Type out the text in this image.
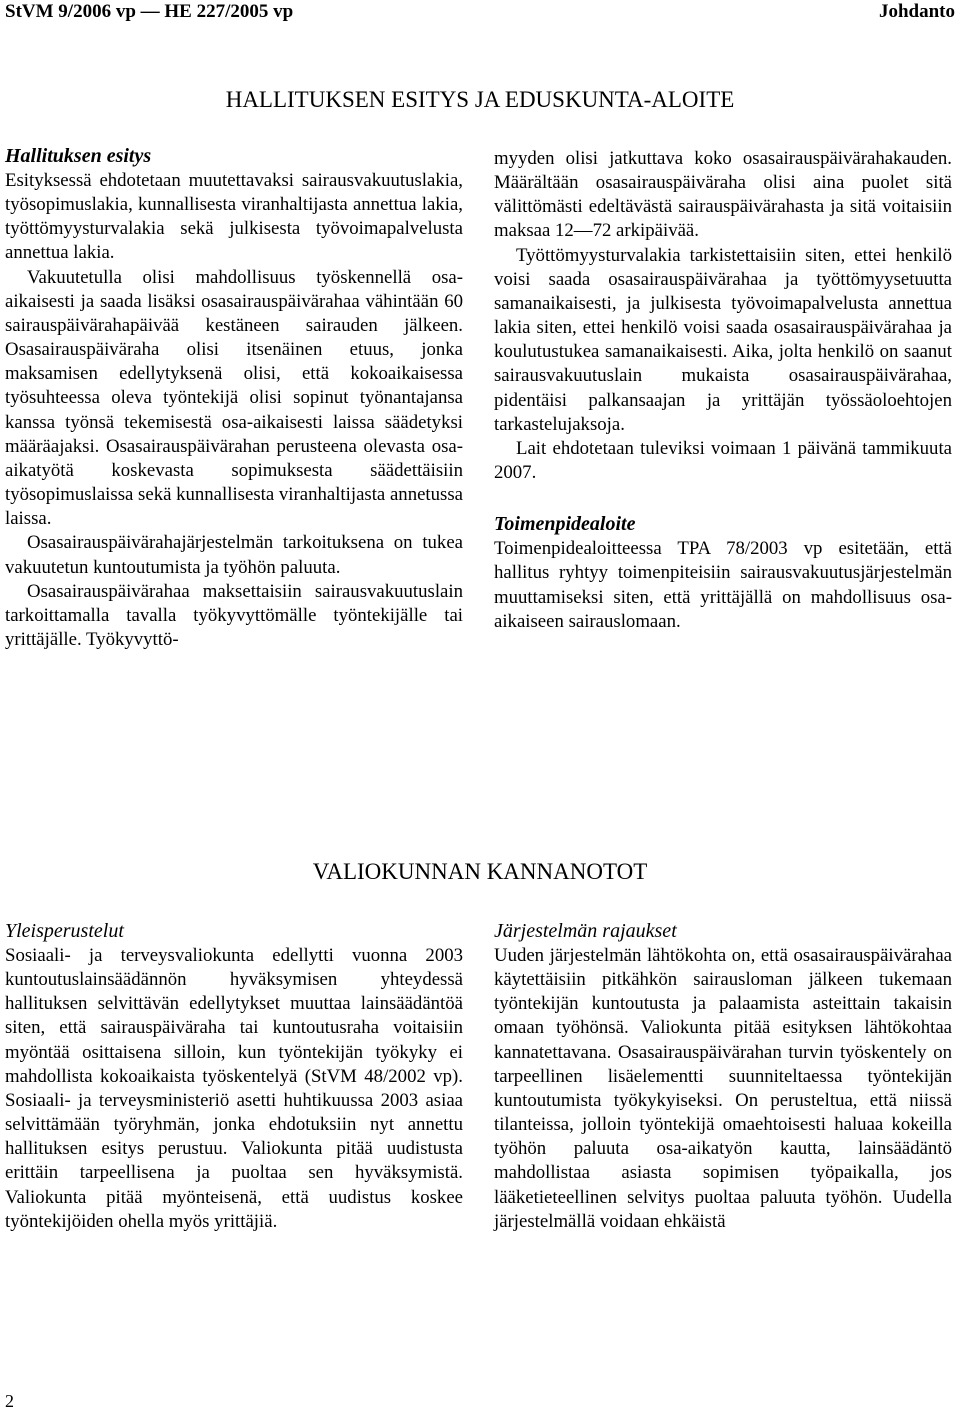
StVM 9/2006 vp — HE 227/2005 vp	Johdanto
HALLITUKSEN ESITYS JA EDUSKUNTA-ALOITE

Hallituksen esitys

Esityksessä ehdotetaan muutettavaksi sairausvakuutuslakia, työsopimuslakia, kunnallisesta viranhaltijasta annettua lakia, työttömyysturvalakia sekä julkisesta työvoimapalvelusta annettua lakia.

Vakuutetulla olisi mahdollisuus työskennellä osa-aikaisesti ja saada lisäksi osasairauspäivärahaa vähintään 60 sairauspäivärahapäivää kestäneen sairauden jälkeen. Osasairauspäiväraha olisi itsenäinen etuus, jonka maksamisen edellytyksenä olisi, että kokoaikaisessa työsuhteessa oleva työntekijä olisi sopinut työnantajansa kanssa työnsä tekemisestä osa-aikaisesti laissa säädetyksi määräajaksi. Osasairauspäivärahan perusteena olevasta osa-aikatyötä koskevasta sopimuksesta säädettäisiin työsopimuslaissa sekä kunnallisesta viranhaltijasta annetussa laissa.

Osasairauspäivärahajärjestelmän tarkoituksena on tukea vakuutetun kuntoutumista ja työhön paluuta.

Osasairauspäivärahaa maksettaisiin sairausvakuutuslain tarkoittamalla tavalla työkyvyttömälle työntekijälle tai yrittäjälle. Työkyvyttö-

myyden olisi jatkuttava koko osasairauspäivärahakauden. Määrältään osasairauspäiväraha olisi aina puolet sitä välittömästi edeltävästä sairauspäivärahasta ja sitä voitaisiin maksaa 12—72 arkipäivää.

Työttömyysturvalakia tarkistettaisiin siten, ettei henkilö voisi saada osasairauspäivärahaa ja työttömyysetuutta samanaikaisesti, ja julkisesta työvoimapalvelusta annettua lakia siten, ettei henkilö voisi saada osasairauspäivärahaa ja koulutustukea samanaikaisesti. Aika, jolta henkilö on saanut sairausvakuutuslain mukaista osasairauspäivärahaa, pidentäisi palkansaajan ja yrittäjän työssäoloehtojen tarkastelujaksoja.

Lait ehdotetaan tuleviksi voimaan 1 päivänä tammikuuta 2007.

Toimenpidealoite

Toimenpidealoitteessa TPA 78/2003 vp esitetään, että hallitus ryhtyy toimenpiteisiin sairausvakuutusjärjestelmän muuttamiseksi siten, että yrittäjällä on mahdollisuus osa-aikaiseen sairauslomaan.

VALIOKUNNAN KANNANOTOT

Yleisperustelut

Sosiaali- ja terveysvaliokunta edellytti vuonna 2003 kuntoutuslainsäädännön hyväksymisen yhteydessä hallituksen selvittävän edellytykset muuttaa lainsäädäntöä siten, että sairauspäiväraha tai kuntoutusraha voitaisiin myöntää osittaisena silloin, kun työntekijän työkyky ei mahdollista kokoaikaista työskentelyä (StVM 48/2002 vp). Sosiaali- ja terveysministeriö asetti huhtikuussa 2003 asiaa selvittämään työryhmän, jonka ehdotuksiin nyt annettu hallituksen esitys perustuu. Valiokunta pitää uudistusta erittäin tarpeellisena ja puoltaa sen hyväksymistä. Valiokunta pitää myönteisenä, että uudistus koskee työntekijöiden ohella myös yrittäjiä.

Järjestelmän rajaukset

Uuden järjestelmän lähtökohta on, että osasairauspäivärahaa käytettäisiin pitkähkön sairausloman jälkeen tukemaan työntekijän kuntoutusta ja palaamista asteittain takaisin omaan työhönsä. Valiokunta pitää esityksen lähtökohtaa kannatettavana. Osasairauspäivärahan turvin työskentely on tarpeellinen lisäelementti suunniteltaessa työntekijän kuntoutumista työkykyiseksi. On perusteltua, että niissä tilanteissa, jolloin työntekijä omaehtoisesti haluaa kokeilla työhön paluuta osa-aikatyön kautta, lainsäädäntö mahdollistaa asiasta sopimisen työpaikalla, jos lääketieteellinen selvitys puoltaa paluuta työhön. Uudella järjestelmällä voidaan ehkäistä

2
